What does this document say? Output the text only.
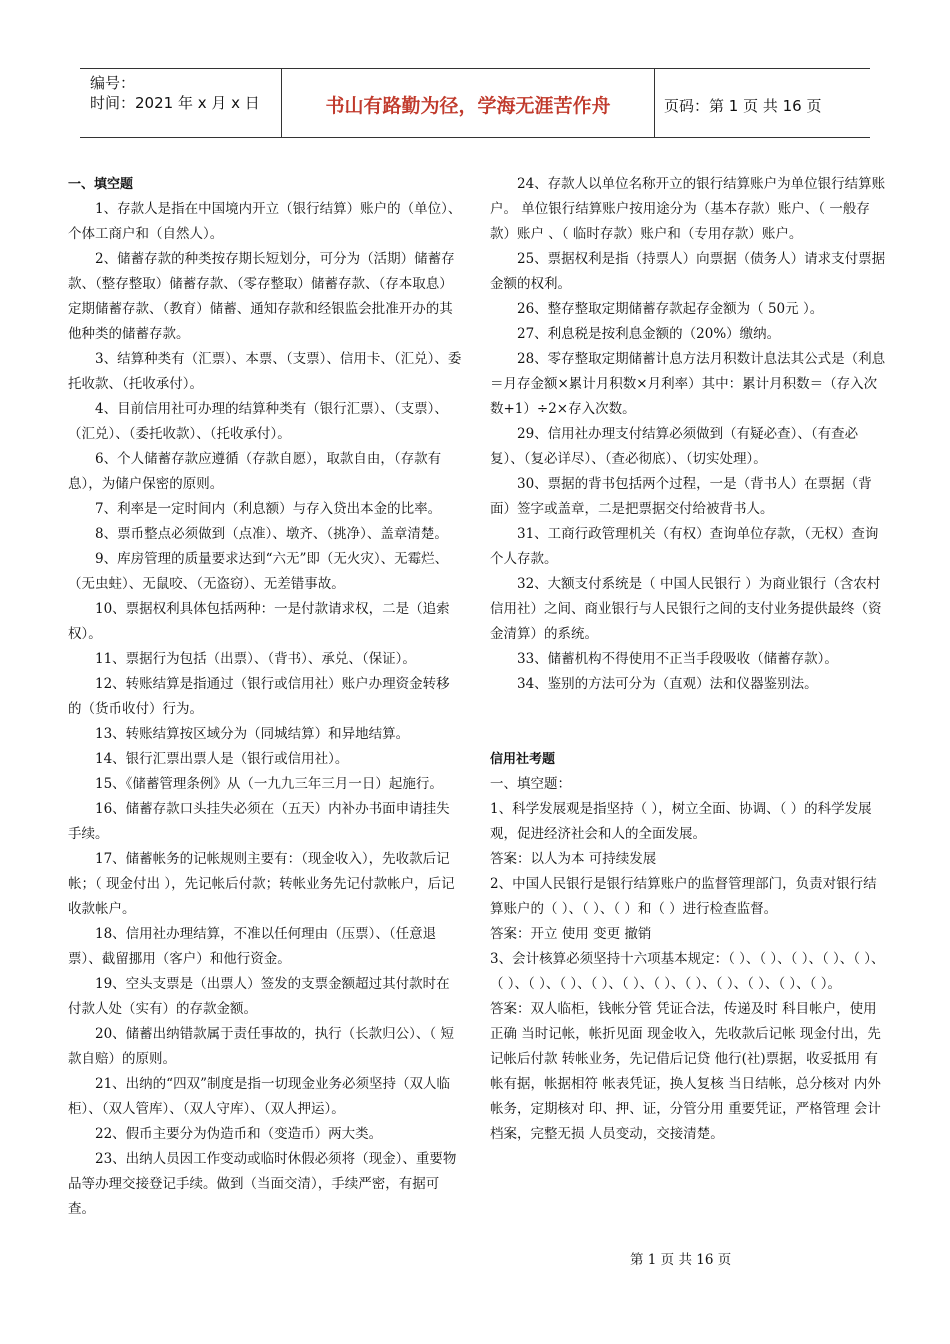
编号：
时间：2021 年 x 月 x 日	书山有路勤为径，学海无涯苦作舟	页码：第 1 页 共 16 页

一、填空题

1、存款人是指在中国境内开立（银行结算）账户的（单位）、个体工商户和（自然人）。

2、储蓄存款的种类按存期长短划分，可分为（活期）储蓄存款、（整存整取）储蓄存款、（零存整取）储蓄存款、（存本取息）定期储蓄存款、（教育）储蓄、通知存款和经银监会批准开办的其他种类的储蓄存款。

3、结算种类有（汇票）、本票、（支票）、信用卡、（汇兑）、委托收款、（托收承付）。

4、目前信用社可办理的结算种类有（银行汇票）、（支票）、（汇兑）、（委托收款）、（托收承付）。

6、个人储蓄存款应遵循（存款自愿），取款自由，（存款有息），为储户保密的原则。

7、利率是一定时间内（利息额）与存入贷出本金的比率。

8、票币整点必须做到（点准）、墩齐、（挑净）、盖章清楚。

9、库房管理的质量要求达到“六无”即（无火灾）、无霉烂、（无虫蛀）、无鼠咬、（无盗窃）、无差错事故。

10、票据权利具体包括两种：一是付款请求权，二是（追索权）。

11、票据行为包括（出票）、（背书）、承兑、（保证）。

12、转账结算是指通过（银行或信用社）账户办理资金转移的（货币收付）行为。

13、转账结算按区域分为（同城结算）和异地结算。

14、银行汇票出票人是（银行或信用社）。

15、《储蓄管理条例》从（一九九三年三月一日）起施行。

16、储蓄存款口头挂失必须在（五天）内补办书面申请挂失手续。

17、储蓄帐务的记帐规则主要有：（现金收入），先收款后记帐；（ 现金付出 ），先记帐后付款；转帐业务先记付款帐户，后记收款帐户。

18、信用社办理结算，不准以任何理由（压票）、（任意退票）、截留挪用（客户）和他行资金。

19、空头支票是（出票人）签发的支票金额超过其付款时在付款人处（实有）的存款金额。

20、储蓄出纳错款属于责任事故的，执行（长款归公）、（ 短款自赔）的原则。

21、出纳的“四双”制度是指一切现金业务必须坚持（双人临柜）、（双人管库）、（双人守库）、（双人押运）。

22、假币主要分为伪造币和（变造币）两大类。

23、出纳人员因工作变动或临时休假必须将（现金）、重要物品等办理交接登记手续。做到（当面交清），手续严密，有据可查。

24、存款人以单位名称开立的银行结算账户为单位银行结算账户。 单位银行结算账户按用途分为（基本存款）账户、（ 一般存款）账户 、（ 临时存款）账户和（专用存款）账户。

25、票据权利是指（持票人）向票据（债务人）请求支付票据金额的权利。

26、整存整取定期储蓄存款起存金额为（ 50元 ）。

27、利息税是按利息金额的（20%）缴纳。

28、零存整取定期储蓄计息方法月积数计息法其公式是（利息＝月存金额×累计月积数×月利率）其中：累计月积数＝（存入次数+1）÷2×存入次数。

29、信用社办理支付结算必须做到（有疑必查）、（有查必复）、（复必详尽）、（查必彻底）、（切实处理）。

30、票据的背书包括两个过程，一是（背书人）在票据（背面）签字或盖章，二是把票据交付给被背书人。

31、工商行政管理机关（有权）查询单位存款，（无权）查询个人存款。

32、大额支付系统是（ 中国人民银行 ）为商业银行（含农村信用社）之间、商业银行与人民银行之间的支付业务提供最终（资金清算）的系统。

33、储蓄机构不得使用不正当手段吸收（储蓄存款）。

34、鉴别的方法可分为（直观）法和仪器鉴别法。

信用社考题

一、填空题：

1、科学发展观是指坚持（ ），树立全面、协调、（ ）的科学发展观，促进经济社会和人的全面发展。

答案：以人为本 可持续发展

2、中国人民银行是银行结算账户的监督管理部门，负责对银行结算账户的（ ）、（ ）、（ ）和（ ）进行检查监督。

答案：开立 使用 变更 撤销

3、会计核算必须坚持十六项基本规定：（ ）、（ ）、（ ）、（ ）、（ ）、（ ）、（ ）、（ ）、（ ）、（ ）、（ ）、（ ）、（ ）、（ ）、（ ）、（ ）。

答案：双人临柜，钱帐分管 凭证合法，传递及时 科目帐户，使用正确 当时记帐，帐折见面 现金收入，先收款后记帐 现金付出，先记帐后付款 转帐业务，先记借后记贷 他行(社)票据，收妥抵用 有帐有据，帐据相符 帐表凭证，换人复核 当日结帐，总分核对 内外帐务，定期核对 印、押、证，分管分用 重要凭证，严格管理 会计档案，完整无损 人员变动，交接清楚。

第 1 页 共 16 页
